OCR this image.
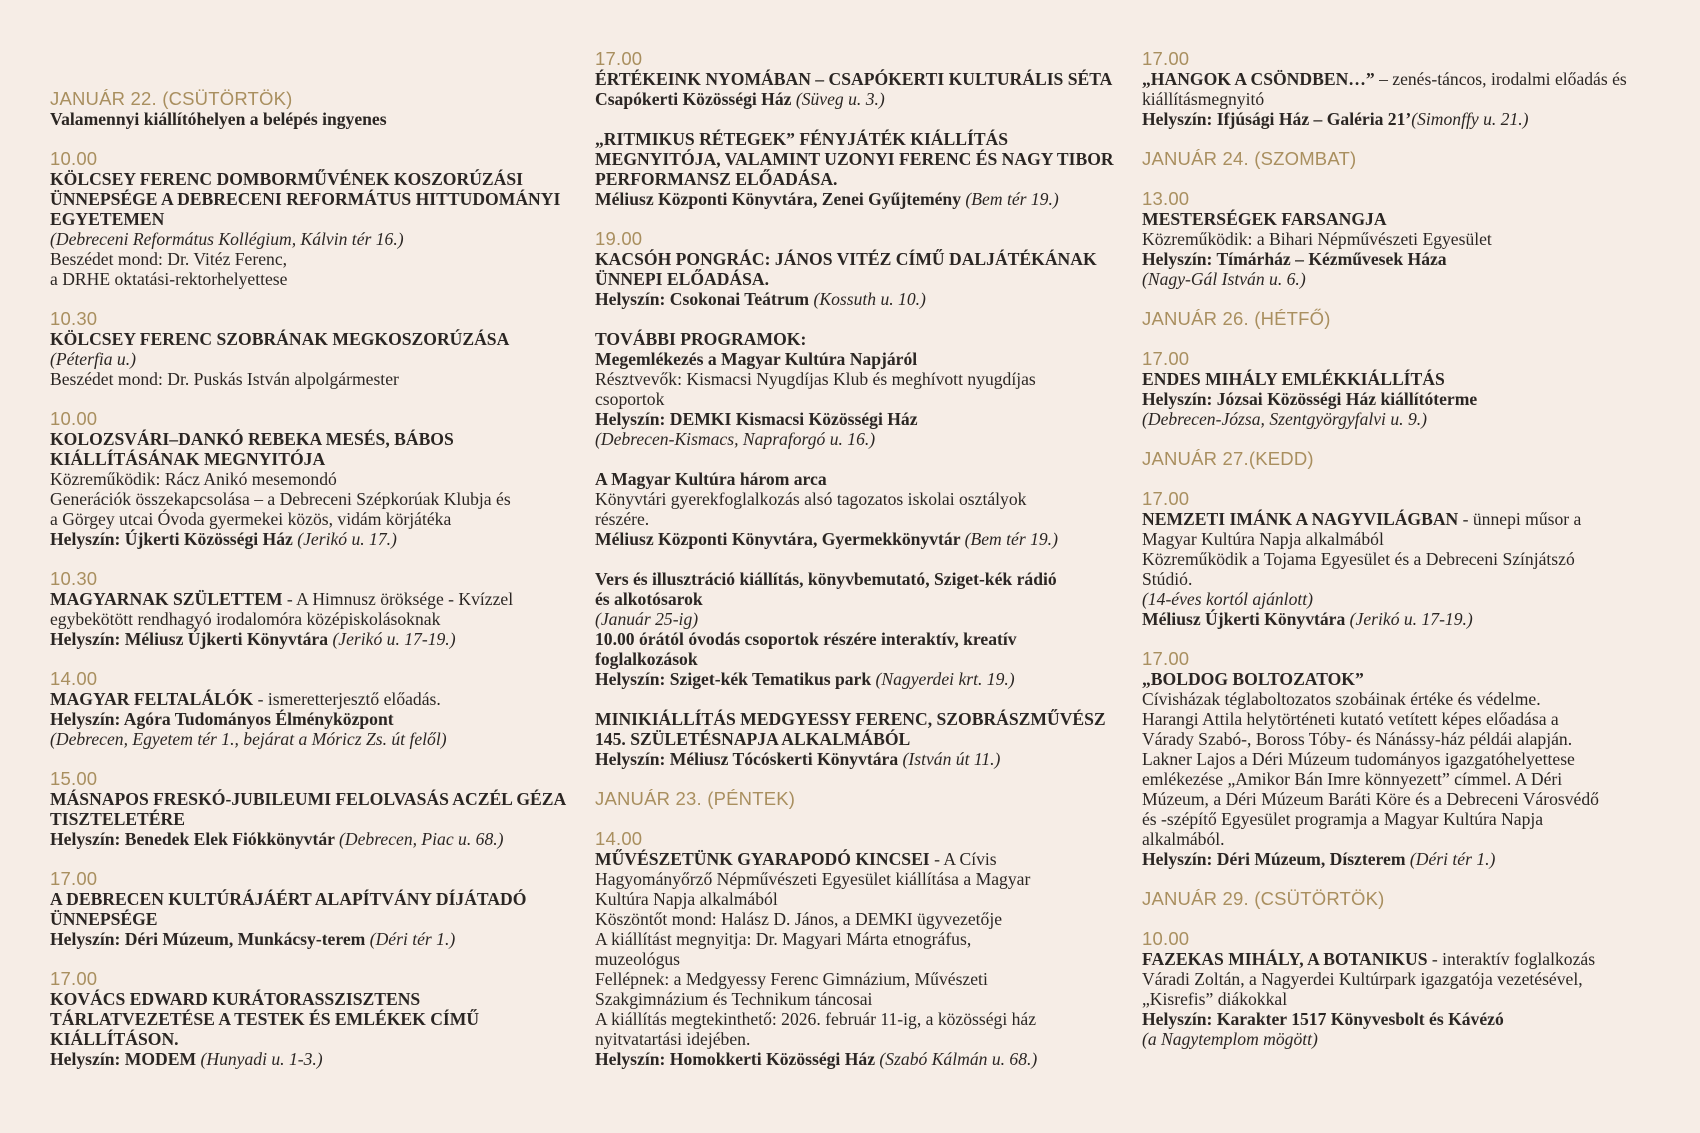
JANUÁR 22. (CSÜTÖRTÖK)
Valamennyi kiállítóhelyen a belépés ingyenes
10.00
KÖLCSEY FERENC DOMBORMŰVÉNEK KOSZORÚZÁSI
ÜNNEPSÉGE A DEBRECENI REFORMÁTUS HITTUDOMÁNYI
EGYETEMEN
(Debreceni Református Kollégium, Kálvin tér 16.)
Beszédet mond: Dr. Vitéz Ferenc,
a DRHE oktatási-rektorhelyettese
10.30
KÖLCSEY FERENC SZOBRÁNAK MEGKOSZORÚZÁSA
(Péterfia u.)
Beszédet mond: Dr. Puskás István alpolgármester
10.00
KOLOZSVÁRI–DANKÓ REBEKA MESÉS, BÁBOS
KIÁLLÍTÁSÁNAK MEGNYITÓJA
Közreműködik: Rácz Anikó mesemondó
Generációk összekapcsolása – a Debreceni Szépkorúak Klubja és
a Görgey utcai Óvoda gyermekei közös, vidám körjátéka
Helyszín: Újkerti Közösségi Ház (Jerikó u. 17.)
10.30
MAGYARNAK SZÜLETTEM - A Himnusz öröksége - Kvízzel
egybekötött rendhagyó irodalomóra középiskolásoknak
Helyszín: Méliusz Újkerti Könyvtára (Jerikó u. 17-19.)
14.00
MAGYAR FELTALÁLÓK - ismeretterjesztő előadás.
Helyszín: Agóra Tudományos Élményközpont
(Debrecen, Egyetem tér 1., bejárat a Móricz Zs. út felől)
15.00
MÁSNAPOS FRESKÓ-JUBILEUMI FELOLVASÁS ACZÉL GÉZA
TISZTELETÉRE
Helyszín: Benedek Elek Fiókkönyvtár (Debrecen, Piac u. 68.)
17.00
A DEBRECEN KULTÚRÁJÁÉRT ALAPÍTVÁNY DÍJÁTADÓ
ÜNNEPSÉGE
Helyszín: Déri Múzeum, Munkácsy-terem (Déri tér 1.)
17.00
KOVÁCS EDWARD KURÁTORASSZISZTENS
TÁRLATVEZETÉSE A TESTEK ÉS EMLÉKEK CÍMŰ
KIÁLLÍTÁSON.
Helyszín: MODEM (Hunyadi u. 1-3.)
17.00
ÉRTÉKEINK NYOMÁBAN – CSAPÓKERTI KULTURÁLIS SÉTA
Csapókerti Közösségi Ház (Süveg u. 3.)
„RITMIKUS RÉTEGEK” FÉNYJÁTÉK KIÁLLÍTÁS
MEGNYITÓJA, VALAMINT UZONYI FERENC ÉS NAGY TIBOR
PERFORMANSZ ELŐADÁSA.
Méliusz Központi Könyvtára, Zenei Gyűjtemény (Bem tér 19.)
19.00
KACSÓH PONGRÁC: JÁNOS VITÉZ CÍMŰ DALJÁTÉKÁNAK
ÜNNEPI ELŐADÁSA.
Helyszín: Csokonai Teátrum (Kossuth u. 10.)
TOVÁBBI PROGRAMOK:
Megemlékezés a Magyar Kultúra Napjáról
Résztvevők: Kismacsi Nyugdíjas Klub és meghívott nyugdíjas
csoportok
Helyszín: DEMKI Kismacsi Közösségi Ház
(Debrecen-Kismacs, Napraforgó u. 16.)
A Magyar Kultúra három arca
Könyvtári gyerekfoglalkozás alsó tagozatos iskolai osztályok
részére.
Méliusz Központi Könyvtára, Gyermekkönyvtár (Bem tér 19.)
Vers és illusztráció kiállítás, könyvbemutató, Sziget-kék rádió
és alkotósarok
(Január 25-ig)
10.00 órától óvodás csoportok részére interaktív, kreatív
foglalkozások
Helyszín: Sziget-kék Tematikus park (Nagyerdei krt. 19.)
MINIKIÁLLÍTÁS MEDGYESSY FERENC, SZOBRÁSZMŰVÉSZ
145. SZÜLETÉSNAPJA ALKALMÁBÓL
Helyszín: Méliusz Tócóskerti Könyvtára (István út 11.)
JANUÁR 23. (PÉNTEK)
14.00
MŰVÉSZETÜNK GYARAPODÓ KINCSEI - A Cívis
Hagyományőrző Népművészeti Egyesület kiállítása a Magyar
Kultúra Napja alkalmából
Köszöntőt mond: Halász D. János, a DEMKI ügyvezetője
A kiállítást megnyitja: Dr. Magyari Márta etnográfus,
muzeológus
Fellépnek: a Medgyessy Ferenc Gimnázium, Művészeti
Szakgimnázium és Technikum táncosai
A kiállítás megtekinthető: 2026. február 11-ig, a közösségi ház
nyitvatartási idejében.
Helyszín: Homokkerti Közösségi Ház (Szabó Kálmán u. 68.)
17.00
„HANGOK A CSÖNDBEN…” – zenés-táncos, irodalmi előadás és
kiállításmegnyitó
Helyszín: Ifjúsági Ház – Galéria 21’(Simonffy u. 21.)
JANUÁR 24. (SZOMBAT)
13.00
MESTERSÉGEK FARSANGJA
Közreműködik: a Bihari Népművészeti Egyesület
Helyszín: Tímárház – Kézművesek Háza
(Nagy-Gál István u. 6.)
JANUÁR 26. (HÉTFŐ)
17.00
ENDES MIHÁLY EMLÉKKIÁLLÍTÁS
Helyszín: Józsai Közösségi Ház kiállítóterme
(Debrecen-Józsa, Szentgyörgyfalvi u. 9.)
JANUÁR 27.(KEDD)
17.00
NEMZETI IMÁNK A NAGYVILÁGBAN - ünnepi műsor a
Magyar Kultúra Napja alkalmából
Közreműködik a Tojama Egyesület és a Debreceni Színjátszó
Stúdió.
(14-éves kortól ajánlott)
Méliusz Újkerti Könyvtára (Jerikó u. 17-19.)
17.00
„BOLDOG BOLTOZATOK”
Cívisházak téglaboltozatos szobáinak értéke és védelme.
Harangi Attila helytörténeti kutató vetített képes előadása a
Várady Szabó-, Boross Tóby- és Nánássy-ház példái alapján.
Lakner Lajos a Déri Múzeum tudományos igazgatóhelyettese
emlékezése „Amikor Bán Imre könnyezett” címmel. A Déri
Múzeum, a Déri Múzeum Baráti Köre és a Debreceni Városvédő
és -szépítő Egyesület programja a Magyar Kultúra Napja
alkalmából.
Helyszín: Déri Múzeum, Díszterem (Déri tér 1.)
JANUÁR 29. (CSÜTÖRTÖK)
10.00
FAZEKAS MIHÁLY, A BOTANIKUS - interaktív foglalkozás
Váradi Zoltán, a Nagyerdei Kultúrpark igazgatója vezetésével,
„Kisrefis” diákokkal
Helyszín: Karakter 1517 Könyvesbolt és Kávézó
(a Nagytemplom mögött)
